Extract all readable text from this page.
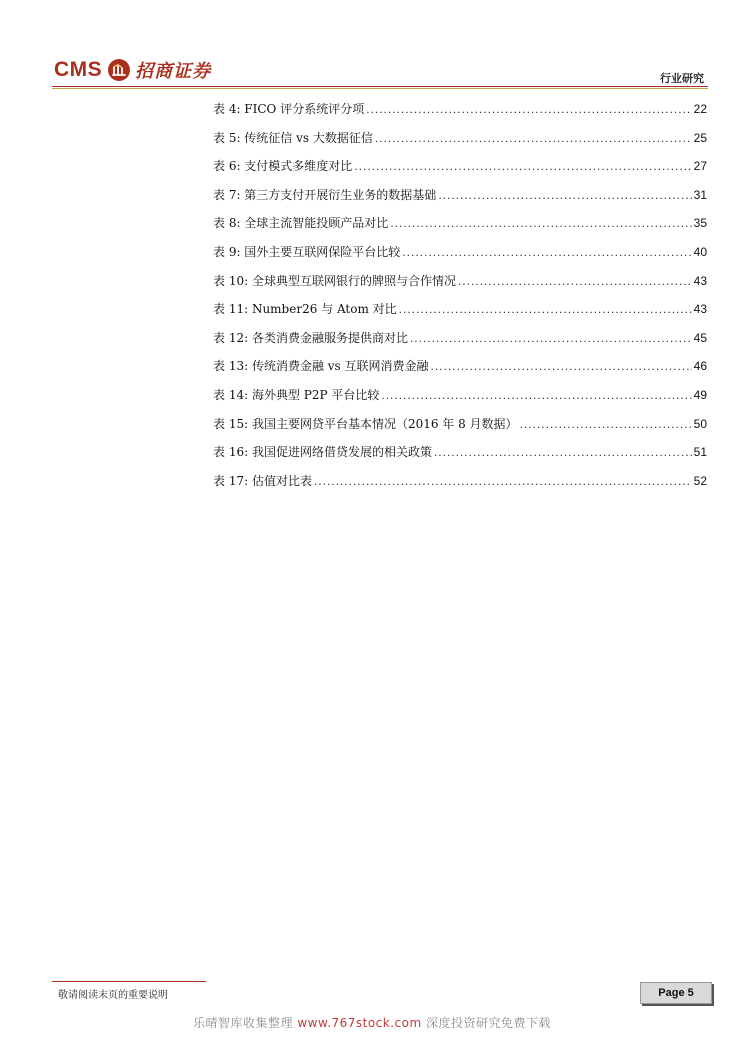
CMS 招商证券	行业研究
表 4: FICO 评分系统评分项 .....	22
表 5: 传统征信 vs 大数据征信 .....	25
表 6: 支付模式多维度对比 .....	27
表 7: 第三方支付开展衍生业务的数据基础 .....	31
表 8: 全球主流智能投顾产品对比 .....	35
表 9: 国外主要互联网保险平台比较 .....	40
表 10: 全球典型互联网银行的牌照与合作情况 .....	43
表 11: Number26 与 Atom 对比 .....	43
表 12: 各类消费金融服务提供商对比 .....	45
表 13: 传统消费金融 vs 互联网消费金融 .....	46
表 14: 海外典型 P2P 平台比较 .....	49
表 15: 我国主要网贷平台基本情况（2016 年 8 月数据） .....	50
表 16: 我国促进网络借贷发展的相关政策 .....	51
表 17: 估值对比表 .....	52
敬请阅读末页的重要说明	Page 5
乐晴智库收集整理 www.767stock.com 深度投资研究免费下载
